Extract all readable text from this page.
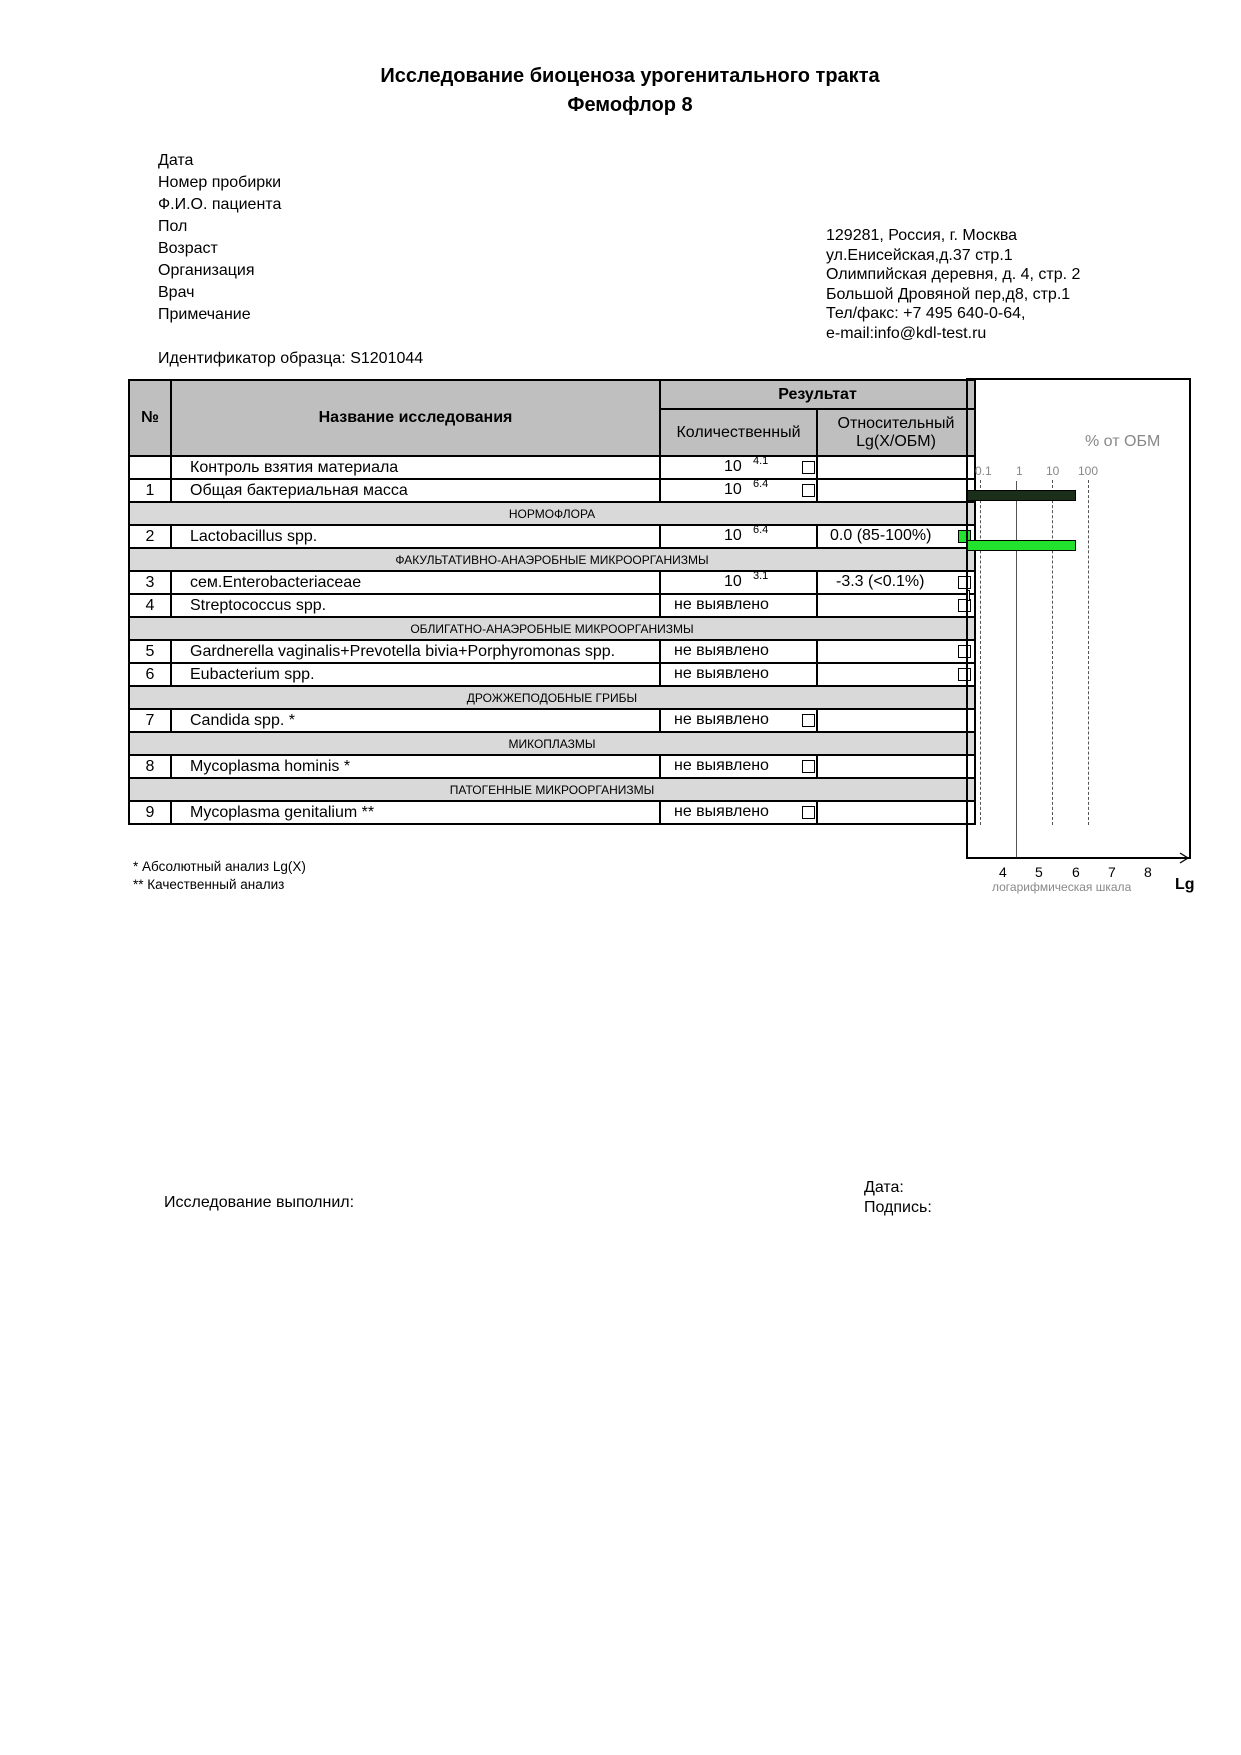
Исследование биоценоза урогенитального тракта
Фемофлор 8
Дата
Номер пробирки
Ф.И.О. пациента
Пол
Возраст
Организация
Врач
Примечание
129281, Россия, г. Москва
ул.Енисейская,д.37 стр.1
Олимпийская деревня, д. 4, стр. 2
Большой Дровяной пер,д8, стр.1
Тел/факс: +7 495 640-0-64,
e-mail:info@kdl-test.ru
Идентификатор образца: S1201044
№	Название исследования	Результат	
		Количественный	Относительный Lg(X/ОБМ)
	Контроль взятия материала	10 4.1	

1	Общая бактериальная масса	10 6.4	

НОРМОФЛОРА			
2	Lactobacillus spp.	10 6.4	0.0 (85-100%)

ФАКУЛЬТАТИВНО-АНАЭРОБНЫЕ МИКРООРГАНИЗМЫ			
3	сем.Enterobacteriaceae	10 3.1	-3.3 (<0.1%)

4	Streptococcus spp.	не выявлено	

ОБЛИГАТНО-АНАЭРОБНЫЕ МИКРООРГАНИЗМЫ			
5	Gardnerella vaginalis+Prevotella bivia+Porphyromonas spp.	не выявлено	

6	Eubacterium spp.	не выявлено	

ДРОЖЖЕПОДОБНЫЕ ГРИБЫ			
7	Candida spp. *	не выявлено	

МИКОПЛАЗМЫ			
8	Mycoplasma hominis *	не выявлено	

ПАТОГЕННЫЕ МИКРООРГАНИЗМЫ			
9	Mycoplasma genitalium **	не выявлено	

* Абсолютный анализ Lg(X)
** Качественный анализ
% от ОБМ
0.1 1 10 100
4 5 6 7 8
логарифмическая шкала	Lg
Исследование выполнил:
Дата:
Подпись:
